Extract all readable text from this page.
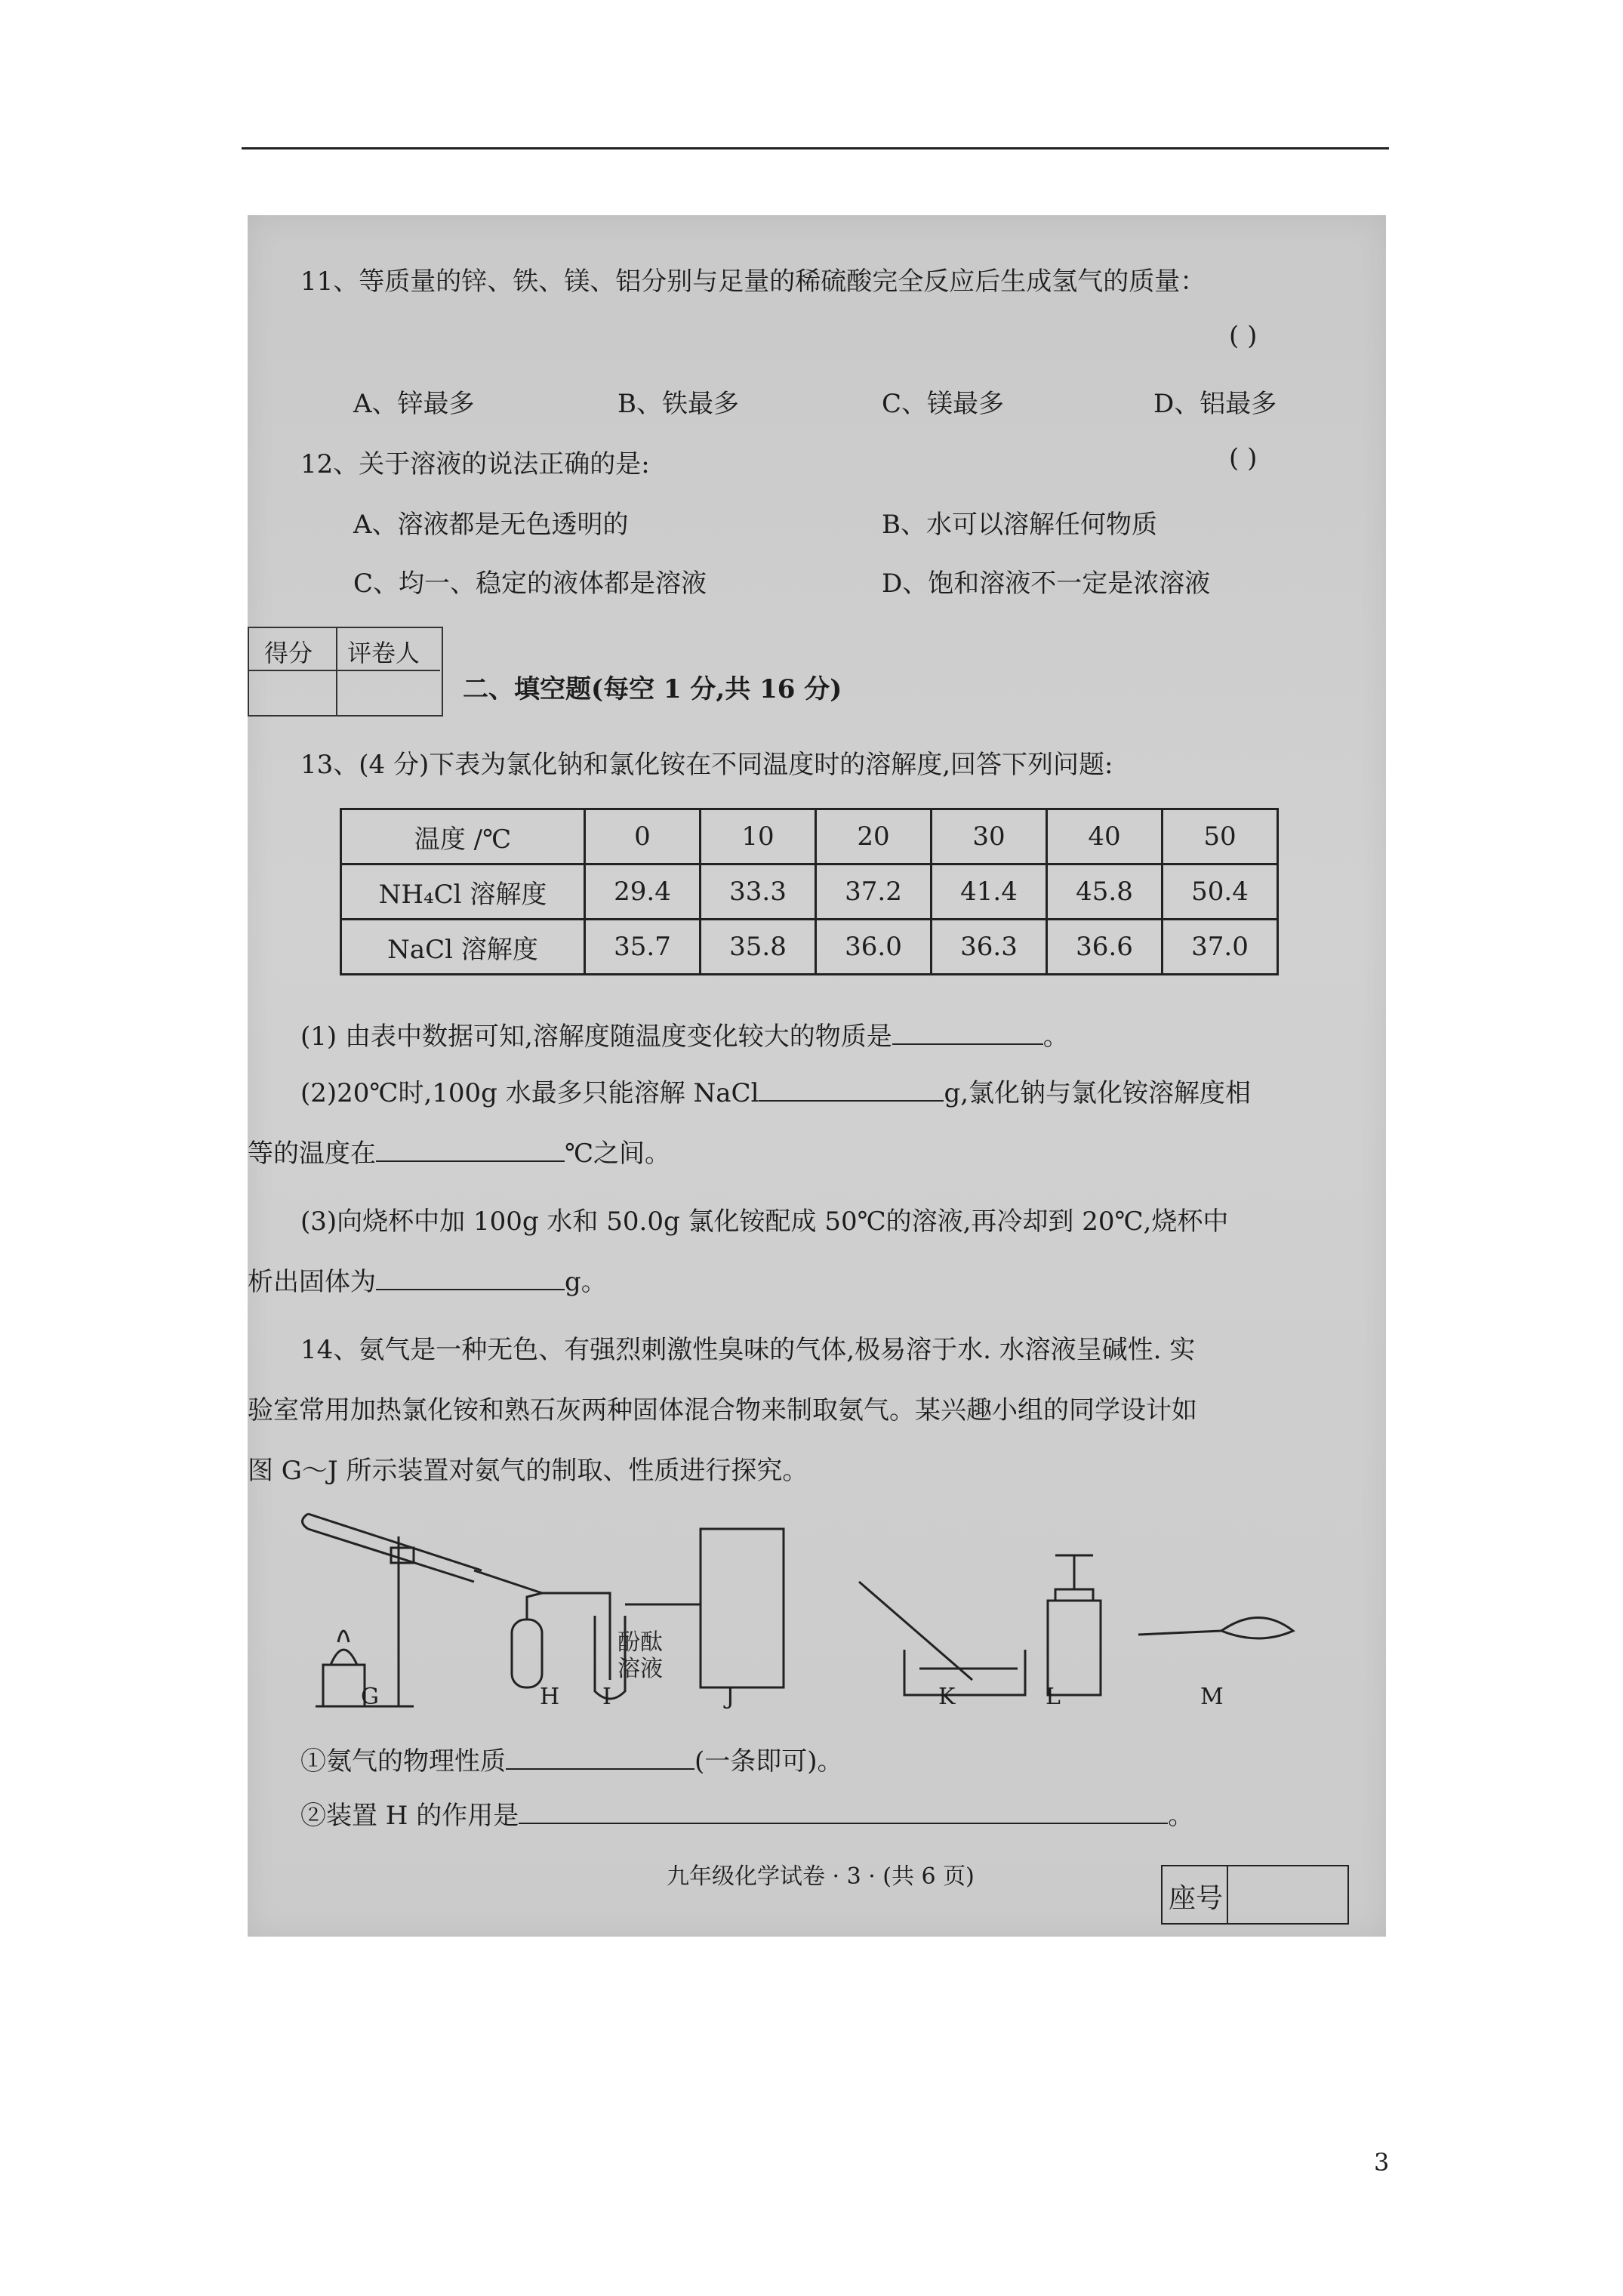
11、等质量的锌、铁、镁、铝分别与足量的稀硫酸完全反应后生成氢气的质量：
( )
A、锌最多	B、铁最多	C、镁最多	D、铝最多
12、关于溶液的说法正确的是:	( )
A、溶液都是无色透明的	B、水可以溶解任何物质
C、均一、稳定的液体都是溶液	D、饱和溶液不一定是浓溶液
得分 评卷人
二、填空题(每空 1 分,共 16 分)
13、(4 分)下表为氯化钠和氯化铵在不同温度时的溶解度,回答下列问题:
温度 /℃	0	10	20	30	40	50
NH₄Cl 溶解度	29.4	33.3	37.2	41.4	45.8	50.4
NaCl 溶解度	35.7	35.8	36.0	36.3	36.6	37.0
(1) 由表中数据可知,溶解度随温度变化较大的物质是	。
(2)20℃时,100g 水最多只能溶解 NaCl	g,氯化钠与氯化铵溶解度相
等的温度在	℃之间。
(3)向烧杯中加 100g 水和 50.0g 氯化铵配成 50℃的溶液,再冷却到 20℃,烧杯中
析出固体为	g。
14、氨气是一种无色、有强烈刺激性臭味的气体,极易溶于水. 水溶液呈碱性. 实
验室常用加热氯化铵和熟石灰两种固体混合物来制取氨气。某兴趣小组的同学设计如
图 G～J 所示装置对氨气的制取、性质进行探究。
酚酞
溶液
G	H I	J	K	L	M
①氨气的物理性质	(一条即可)。
②装置 H 的作用是	。
九年级化学试卷 · 3 · (共 6 页)
座号
3
